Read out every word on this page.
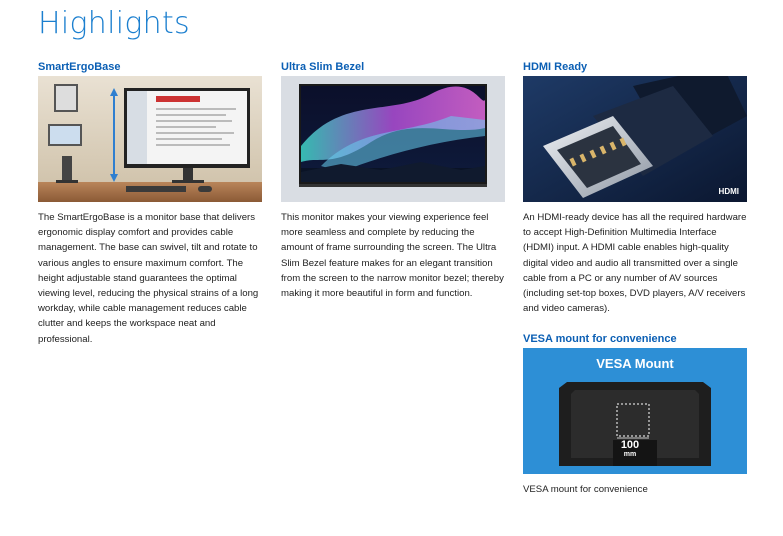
Highlights
SmartErgoBase
The SmartErgoBase is a monitor base that delivers ergonomic display comfort and provides cable management. The base can swivel, tilt and rotate to various angles to ensure maximum comfort. The height adjustable stand guarantees the optimal viewing level, reducing the physical strains of a long workday, while cable management reduces cable clutter and keeps the workspace neat and professional.
Ultra Slim Bezel
This monitor makes your viewing experience feel more seamless and complete by reducing the amount of frame surrounding the screen. The Ultra Slim Bezel feature makes for an elegant transition from the screen to the narrow monitor bezel; thereby making it more beautiful in form and function.
HDMI Ready
HDMI
An HDMI-ready device has all the required hardware to accept High-Definition Multimedia Interface (HDMI) input. A HDMI cable enables high-quality digital video and audio all transmitted over a single cable from a PC or any number of AV sources (including set-top boxes, DVD players, A/V receivers and video cameras).
VESA mount for convenience
VESA Mount
100
mm
VESA mount for convenience
